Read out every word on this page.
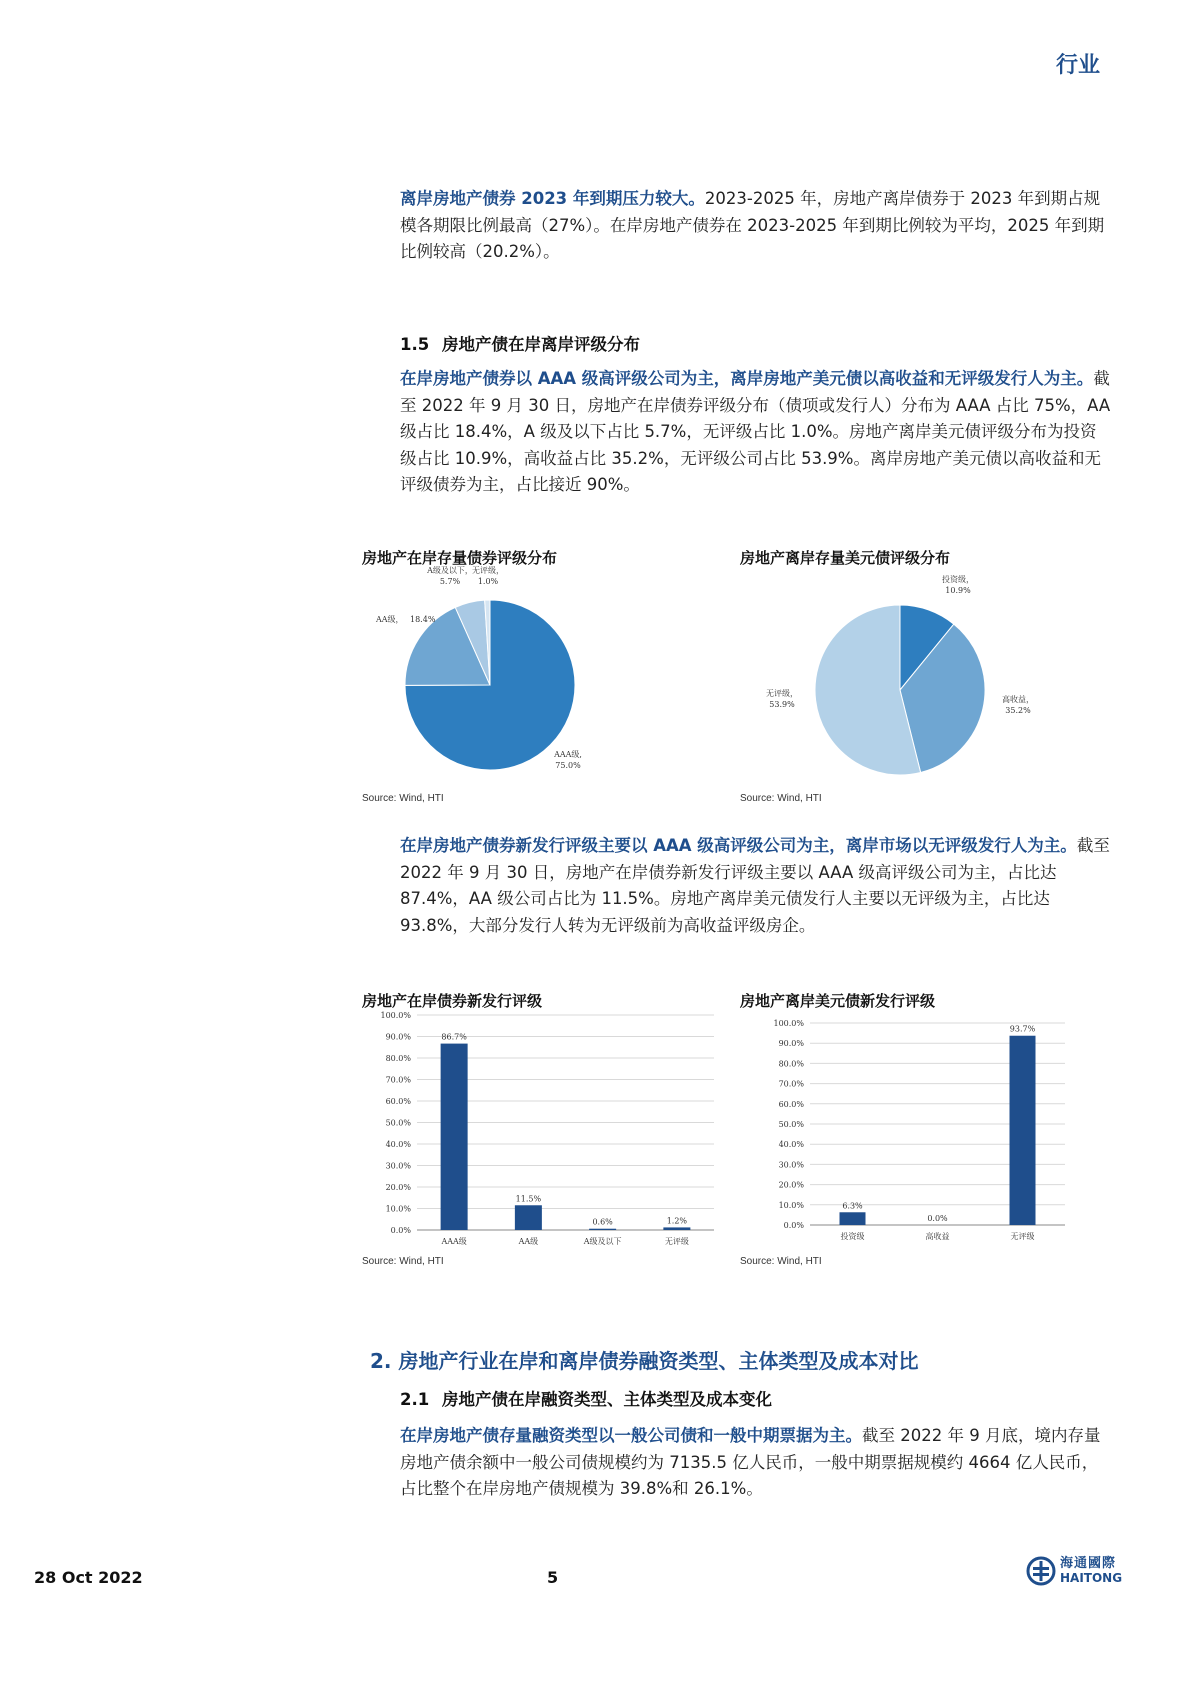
行业
离岸房地产债券 2023 年到期压力较大。2023-2025 年，房地产离岸债券于 2023 年到期占规模各期限比例最高（27%）。在岸房地产债券在 2023-2025 年到期比例较为平均，2025 年到期比例较高（20.2%）。
1.5 房地产债在岸离岸评级分布
在岸房地产债券以 AAA 级高评级公司为主，离岸房地产美元债以高收益和无评级发行人为主。截至 2022 年 9 月 30 日，房地产在岸债券评级分布（债项或发行人）分布为 AAA 占比 75%，AA 级占比 18.4%，A 级及以下占比 5.7%，无评级占比 1.0%。房地产离岸美元债评级分布为投资级占比 10.9%，高收益占比 35.2%，无评级公司占比 53.9%。离岸房地产美元债以高收益和无评级债券为主，占比接近 90%。
房地产在岸存量债券评级分布
AAA级,
75.0%
AA级， 18.4%
A级及以下，
5.7%
无评级，
1.0%
Source: Wind, HTI
房地产离岸存量美元债评级分布
投资级，
10.9%
高收益，
35.2%
无评级，
53.9%
Source: Wind, HTI
在岸房地产债券新发行评级主要以 AAA 级高评级公司为主，离岸市场以无评级发行人为主。截至 2022 年 9 月 30 日，房地产在岸债券新发行评级主要以 AAA 级高评级公司为主，占比达 87.4%，AA 级公司占比为 11.5%。房地产离岸美元债发行人主要以无评级为主，占比达 93.8%，大部分发行人转为无评级前为高收益评级房企。
房地产在岸债券新发行评级
0.0%
10.0%
20.0%
30.0%
40.0%
50.0%
60.0%
70.0%
80.0%
90.0%
100.0%
86.7%
AAA级
11.5%
AA级
0.6%
A级及以下
1.2%
无评级
Source: Wind, HTI
房地产离岸美元债新发行评级
0.0%
10.0%
20.0%
30.0%
40.0%
50.0%
60.0%
70.0%
80.0%
90.0%
100.0%
6.3%
投资级
0.0%
高收益
93.7%
无评级
Source: Wind, HTI
2. 房地产行业在岸和离岸债券融资类型、主体类型及成本对比
2.1 房地产债在岸融资类型、主体类型及成本变化
在岸房地产债存量融资类型以一般公司债和一般中期票据为主。截至 2022 年 9 月底，境内存量房地产债余额中一般公司债规模约为 7135.5 亿人民币，一般中期票据规模约 4664 亿人民币，占比整个在岸房地产债规模为 39.8%和 26.1%。
28 Oct 2022	5
海通國際
HAITONG
